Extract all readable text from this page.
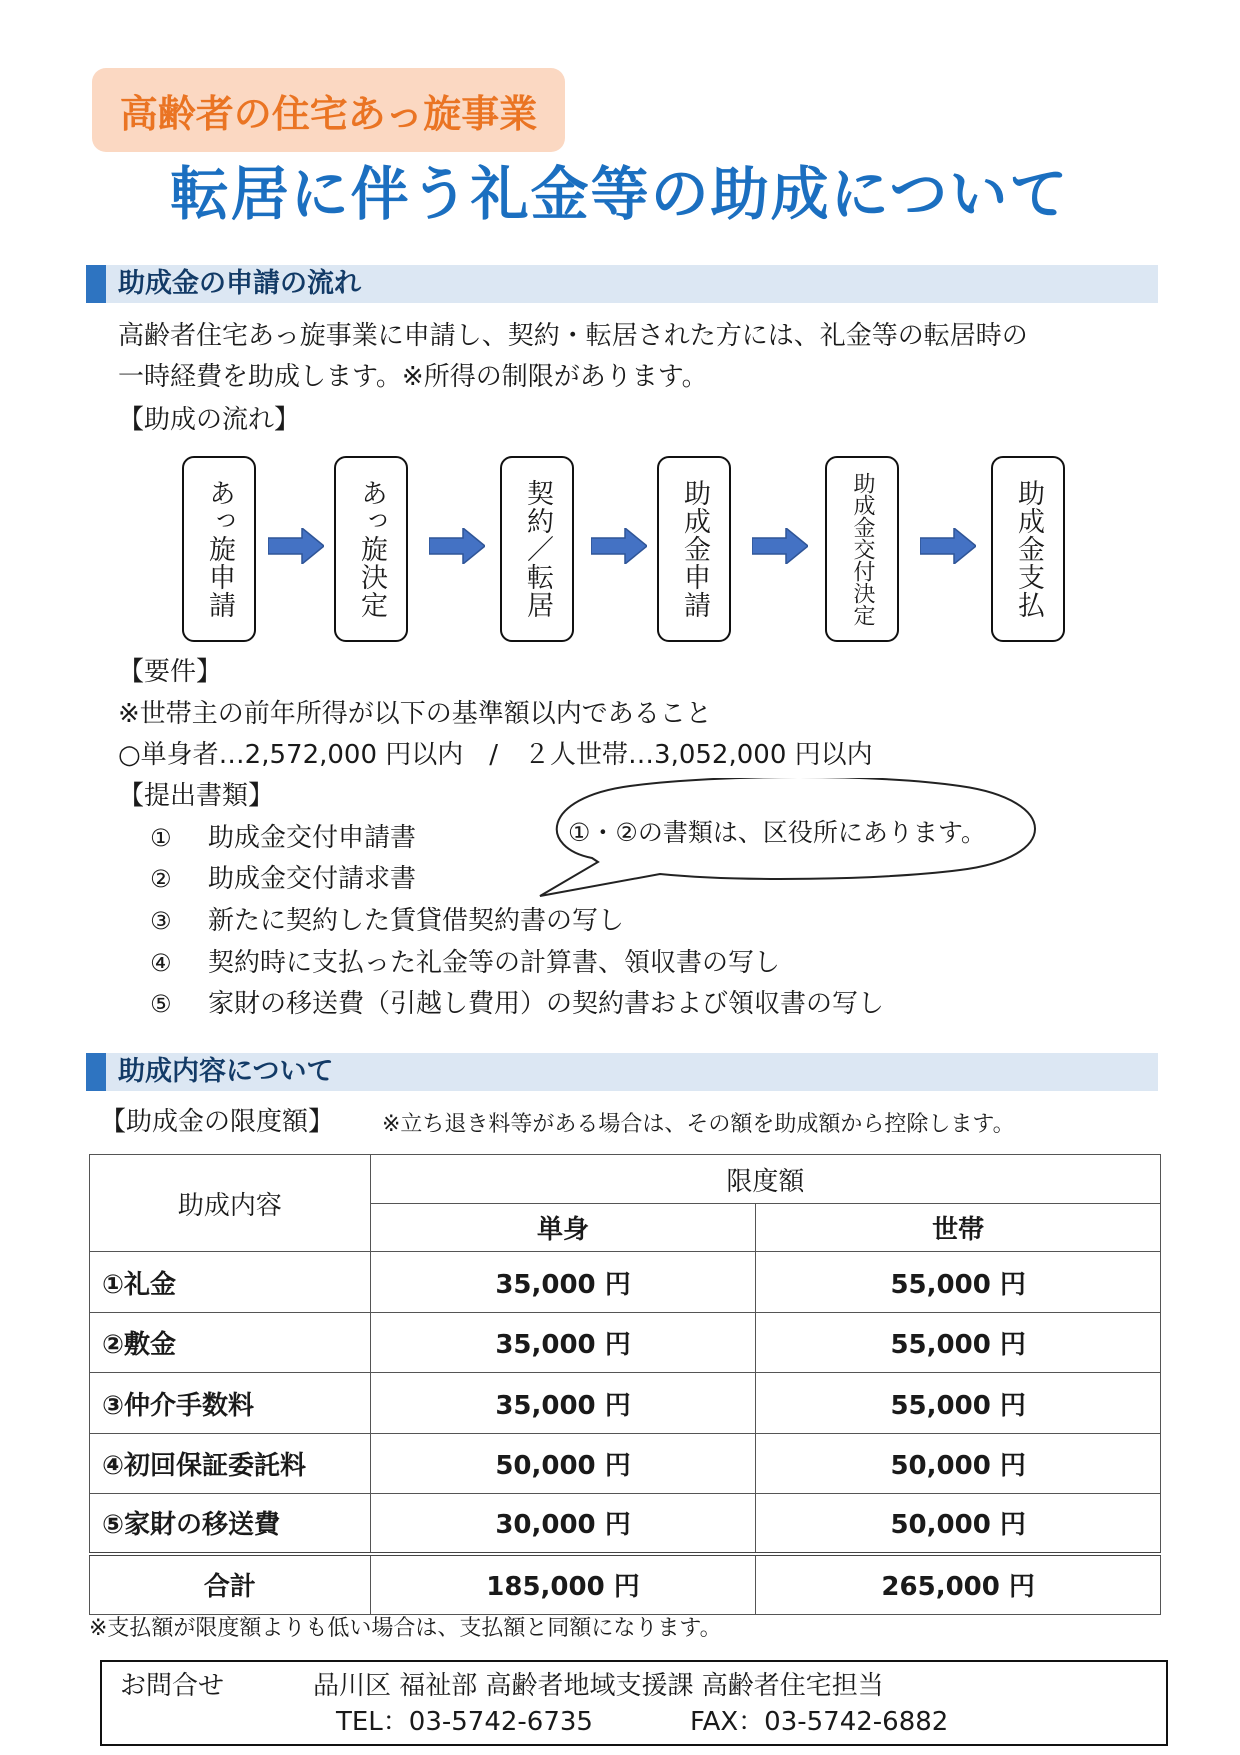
高齢者の住宅あっ旋事業
転居に伴う礼金等の助成について
助成金の申請の流れ
高齢者住宅あっ旋事業に申請し、契約・転居された方には、礼金等の転居時の
一時経費を助成します。※所得の制限があります。
【助成の流れ】
あっ旋申請	あっ旋決定	契約／転居	助成金申請	助成金交付決定	助成金支払
【要件】
※世帯主の前年所得が以下の基準額以内であること
○単身者…2,572,000 円以内　/　２人世帯…3,052,000 円以内
【提出書類】
① 助成金交付申請書
② 助成金交付請求書
③ 新たに契約した賃貸借契約書の写し
④ 契約時に支払った礼金等の計算書、領収書の写し
⑤ 家財の移送費（引越し費用）の契約書および領収書の写し
①・②の書類は、区役所にあります。
助成内容について
【助成金の限度額】 ※立ち退き料等がある場合は、その額を助成額から控除します。
助成内容	限度額	
	単身	世帯
①礼金	35,000 円	55,000 円
②敷金	35,000 円	55,000 円
③仲介手数料	35,000 円	55,000 円
④初回保証委託料	50,000 円	50,000 円
⑤家財の移送費	30,000 円	50,000 円
合計	185,000 円	265,000 円
※支払額が限度額よりも低い場合は、支払額と同額になります。
お問合せ	品川区 福祉部 高齢者地域支援課 高齢者住宅担当
TEL：03-5742-6735	FAX：03-5742-6882
